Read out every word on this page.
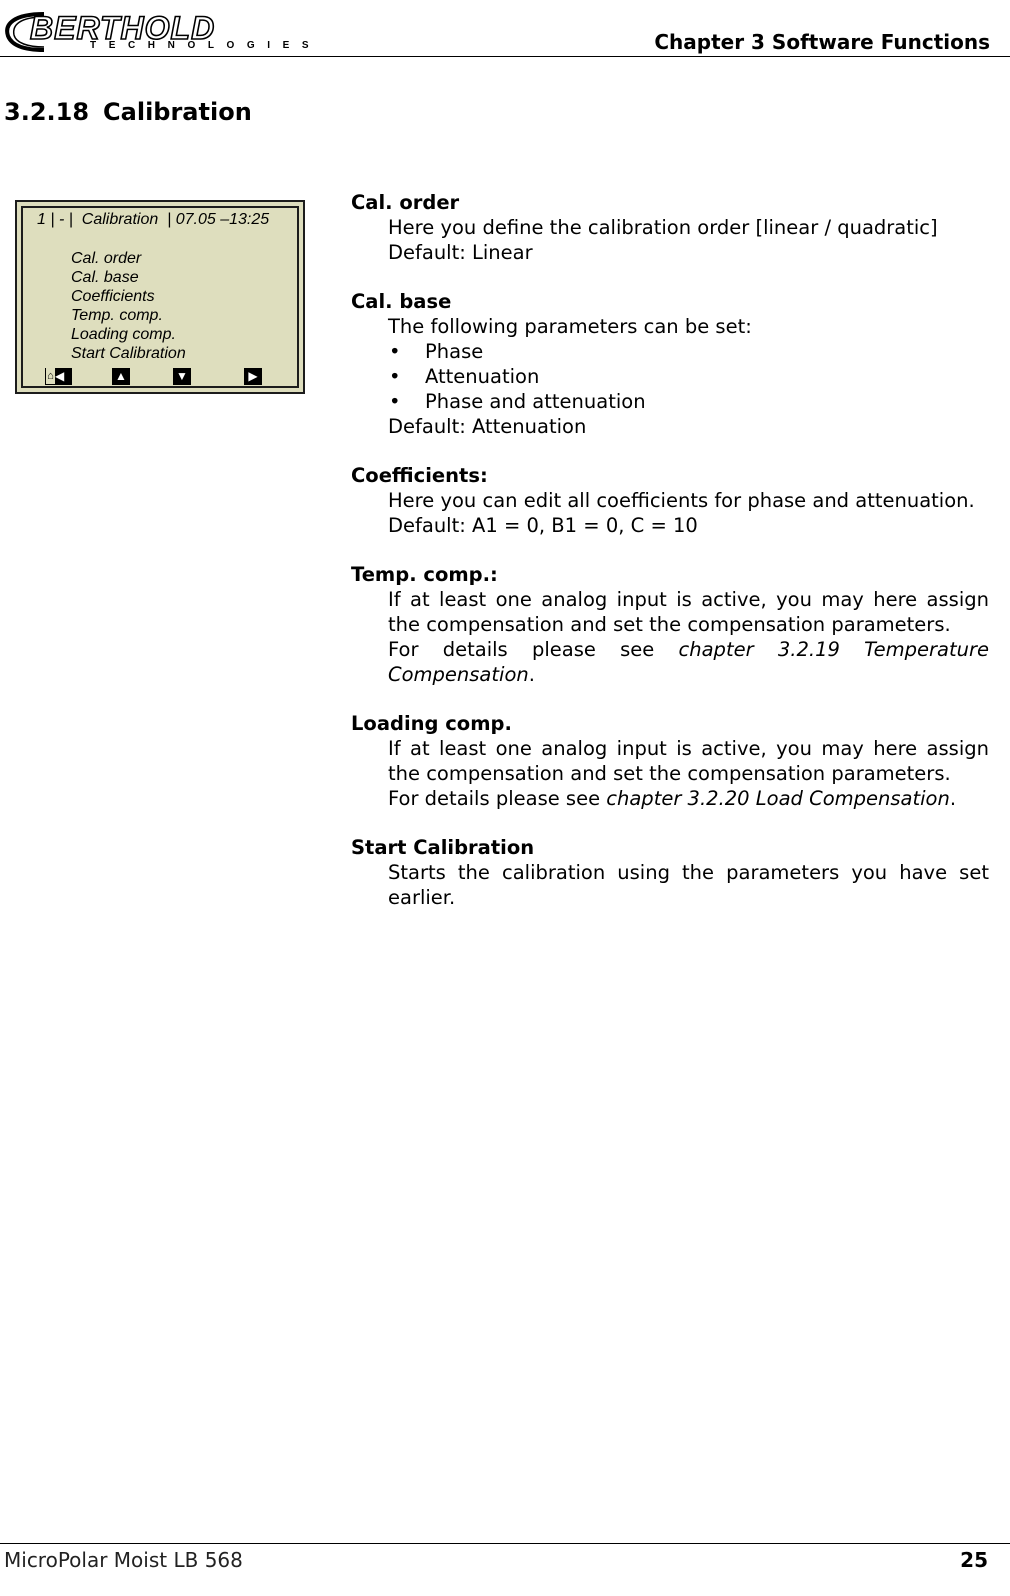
BERTHOLD
TECHNOLOGIES	Chapter 3 Software Functions
3.2.18 Calibration
1 | - |  Calibration  | 07.05 –13:25
Cal. order
Cal. base
Coefficients
Temp. comp.
Loading comp.
Start Calibration
⌂◀	▲	▼	▶
Cal. order
Here you define the calibration order [linear / quadratic]
Default: Linear
Cal. base
The following parameters can be set:
• Phase
• Attenuation
• Phase and attenuation
Default: Attenuation
Coefficients:
Here you can edit all coefficients for phase and attenuation.
Default: A1 = 0, B1 = 0, C = 10
Temp. comp.:
If at least one analog input is active, you may here assign the compensation and set the compensation parameters.
For details please see chapter 3.2.19 Temperature Compensation.
Loading comp.
If at least one analog input is active, you may here assign the compensation and set the compensation parameters.
For details please see chapter 3.2.20 Load Compensation.
Start Calibration
Starts the calibration using the parameters you have set earlier.
MicroPolar Moist LB 568	25
